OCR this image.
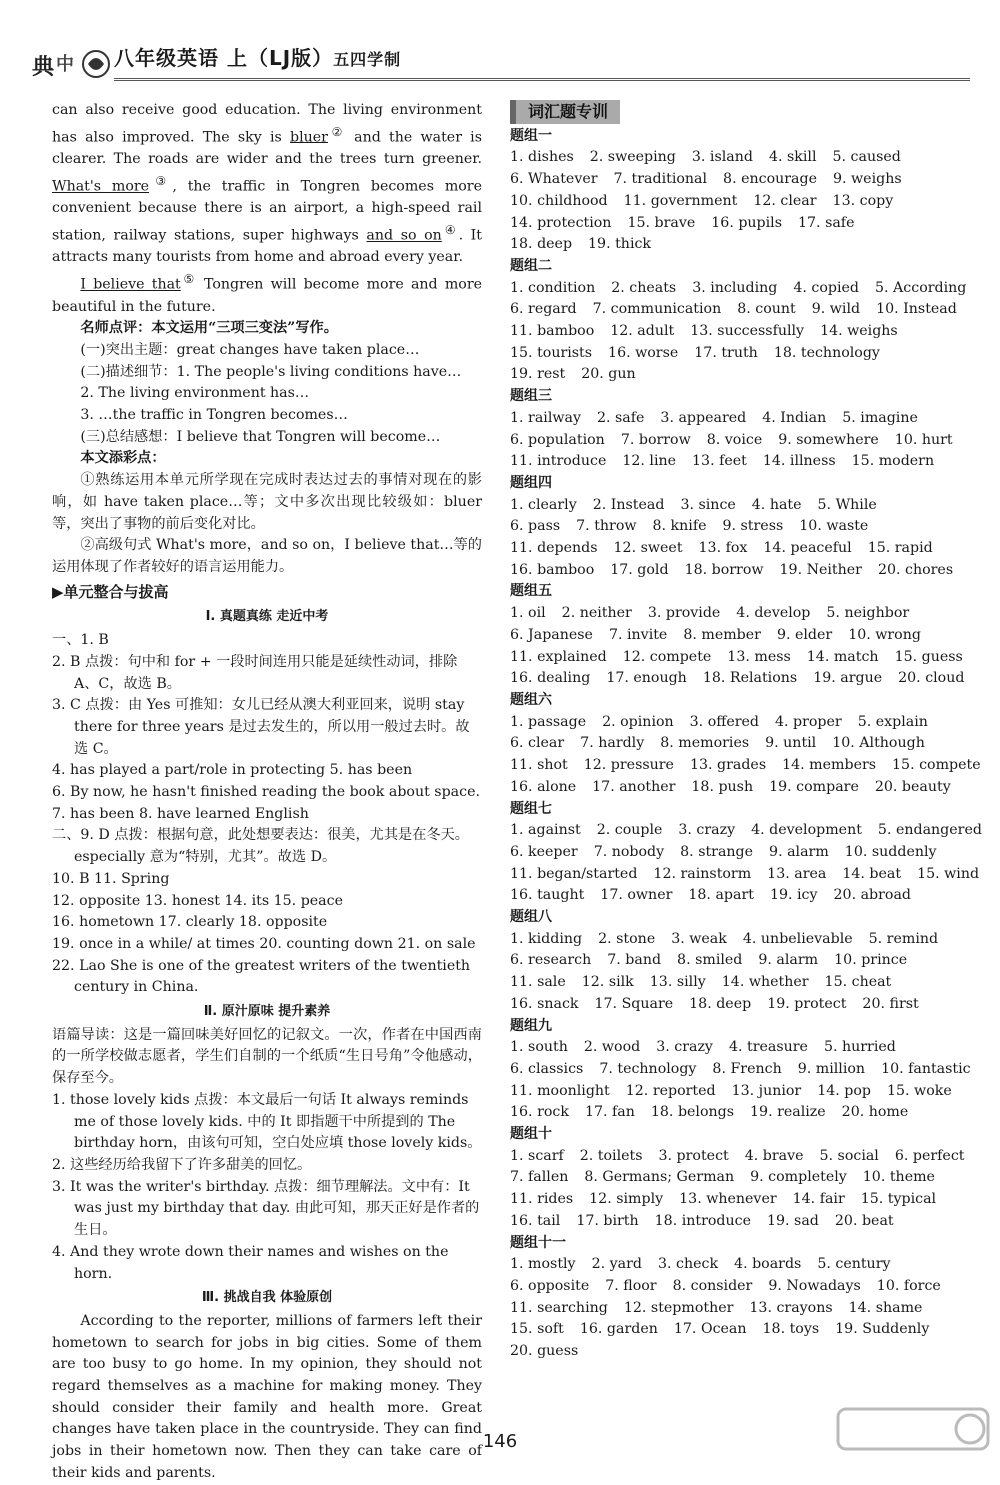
典 中 八年级英语 上（LJ版）五四学制

can also receive good education. The living environment has also improved. The sky is bluer② and the water is clearer. The roads are wider and the trees turn greener. What's more③, the traffic in Tongren becomes more convenient because there is an airport, a high-speed rail station, railway stations, super highways and so on④. It attracts many tourists from home and abroad every year.

I believe that⑤ Tongren will become more and more beautiful in the future.

名师点评：本文运用“三项三变法”写作。

(一)突出主题：great changes have taken place…

(二)描述细节：1. The people's living conditions have…

2. The living environment has…

3. …the traffic in Tongren becomes…

(三)总结感想：I believe that Tongren will become…

本文添彩点：

①熟练运用本单元所学现在完成时表达过去的事情对现在的影响，如 have taken place…等；文中多次出现比较级如：bluer 等，突出了事物的前后变化对比。

②高级句式 What's more，and so on，I believe that…等的运用体现了作者较好的语言运用能力。

▶单元整合与拔高

Ⅰ. 真题真练 走近中考

一、1. B

2. B 点拨：句中和 for + 一段时间连用只能是延续性动词，排除 A、C，故选 B。

3. C 点拨：由 Yes 可推知：女儿已经从澳大利亚回来，说明 stay there for three years 是过去发生的，所以用一般过去时。故选 C。

4. has played a part/role in protecting 5. has been

6. By now, he hasn't finished reading the book about space.

7. has been 8. have learned English

二、9. D 点拨：根据句意，此处想要表达：很美，尤其是在冬天。especially 意为“特别，尤其”。故选 D。

10. B 11. Spring

12. opposite 13. honest 14. its 15. peace

16. hometown 17. clearly 18. opposite

19. once in a while/ at times 20. counting down 21. on sale

22. Lao She is one of the greatest writers of the twentieth century in China.

Ⅱ. 原汁原味 提升素养

语篇导读：这是一篇回味美好回忆的记叙文。一次，作者在中国西南的一所学校做志愿者，学生们自制的一个纸质“生日号角”令他感动，保存至今。

1. those lovely kids 点拨：本文最后一句话 It always reminds me of those lovely kids. 中的 It 即指题干中所提到的 The birthday horn，由该句可知，空白处应填 those lovely kids。

2. 这些经历给我留下了许多甜美的回忆。

3. It was the writer's birthday. 点拨：细节理解法。文中有：It was just my birthday that day. 由此可知，那天正好是作者的生日。

4. And they wrote down their names and wishes on the horn.

Ⅲ. 挑战自我 体验原创

According to the reporter, millions of farmers left their hometown to search for jobs in big cities. Some of them are too busy to go home. In my opinion, they should not regard themselves as a machine for making money. They should consider their family and health more. Great changes have taken place in the countryside. They can find jobs in their hometown now. Then they can take care of their kids and parents.

词汇题专训

题组一

1. dishes 2. sweeping 3. island 4. skill 5. caused

6. Whatever 7. traditional 8. encourage 9. weighs

10. childhood 11. government 12. clear 13. copy

14. protection 15. brave 16. pupils 17. safe

18. deep 19. thick

题组二

1. condition 2. cheats 3. including 4. copied 5. According

6. regard 7. communication 8. count 9. wild 10. Instead

11. bamboo 12. adult 13. successfully 14. weighs

15. tourists 16. worse 17. truth 18. technology

19. rest 20. gun

题组三

1. railway 2. safe 3. appeared 4. Indian 5. imagine

6. population 7. borrow 8. voice 9. somewhere 10. hurt

11. introduce 12. line 13. feet 14. illness 15. modern

题组四

1. clearly 2. Instead 3. since 4. hate 5. While

6. pass 7. throw 8. knife 9. stress 10. waste

11. depends 12. sweet 13. fox 14. peaceful 15. rapid

16. bamboo 17. gold 18. borrow 19. Neither 20. chores

题组五

1. oil 2. neither 3. provide 4. develop 5. neighbor

6. Japanese 7. invite 8. member 9. elder 10. wrong

11. explained 12. compete 13. mess 14. match 15. guess

16. dealing 17. enough 18. Relations 19. argue 20. cloud

题组六

1. passage 2. opinion 3. offered 4. proper 5. explain

6. clear 7. hardly 8. memories 9. until 10. Although

11. shot 12. pressure 13. grades 14. members 15. compete

16. alone 17. another 18. push 19. compare 20. beauty

题组七

1. against 2. couple 3. crazy 4. development 5. endangered

6. keeper 7. nobody 8. strange 9. alarm 10. suddenly

11. began/started 12. rainstorm 13. area 14. beat 15. wind

16. taught 17. owner 18. apart 19. icy 20. abroad

题组八

1. kidding 2. stone 3. weak 4. unbelievable 5. remind

6. research 7. band 8. smiled 9. alarm 10. prince

11. sale 12. silk 13. silly 14. whether 15. cheat

16. snack 17. Square 18. deep 19. protect 20. first

题组九

1. south 2. wood 3. crazy 4. treasure 5. hurried

6. classics 7. technology 8. French 9. million 10. fantastic

11. moonlight 12. reported 13. junior 14. pop 15. woke

16. rock 17. fan 18. belongs 19. realize 20. home

题组十

1. scarf 2. toilets 3. protect 4. brave 5. social 6. perfect

7. fallen 8. Germans; German 9. completely 10. theme

11. rides 12. simply 13. whenever 14. fair 15. typical

16. tail 17. birth 18. introduce 19. sad 20. beat

题组十一

1. mostly 2. yard 3. check 4. boards 5. century

6. opposite 7. floor 8. consider 9. Nowadays 10. force

11. searching 12. stepmother 13. crayons 14. shame

15. soft 16. garden 17. Ocean 18. toys 19. Suddenly

20. guess

146
